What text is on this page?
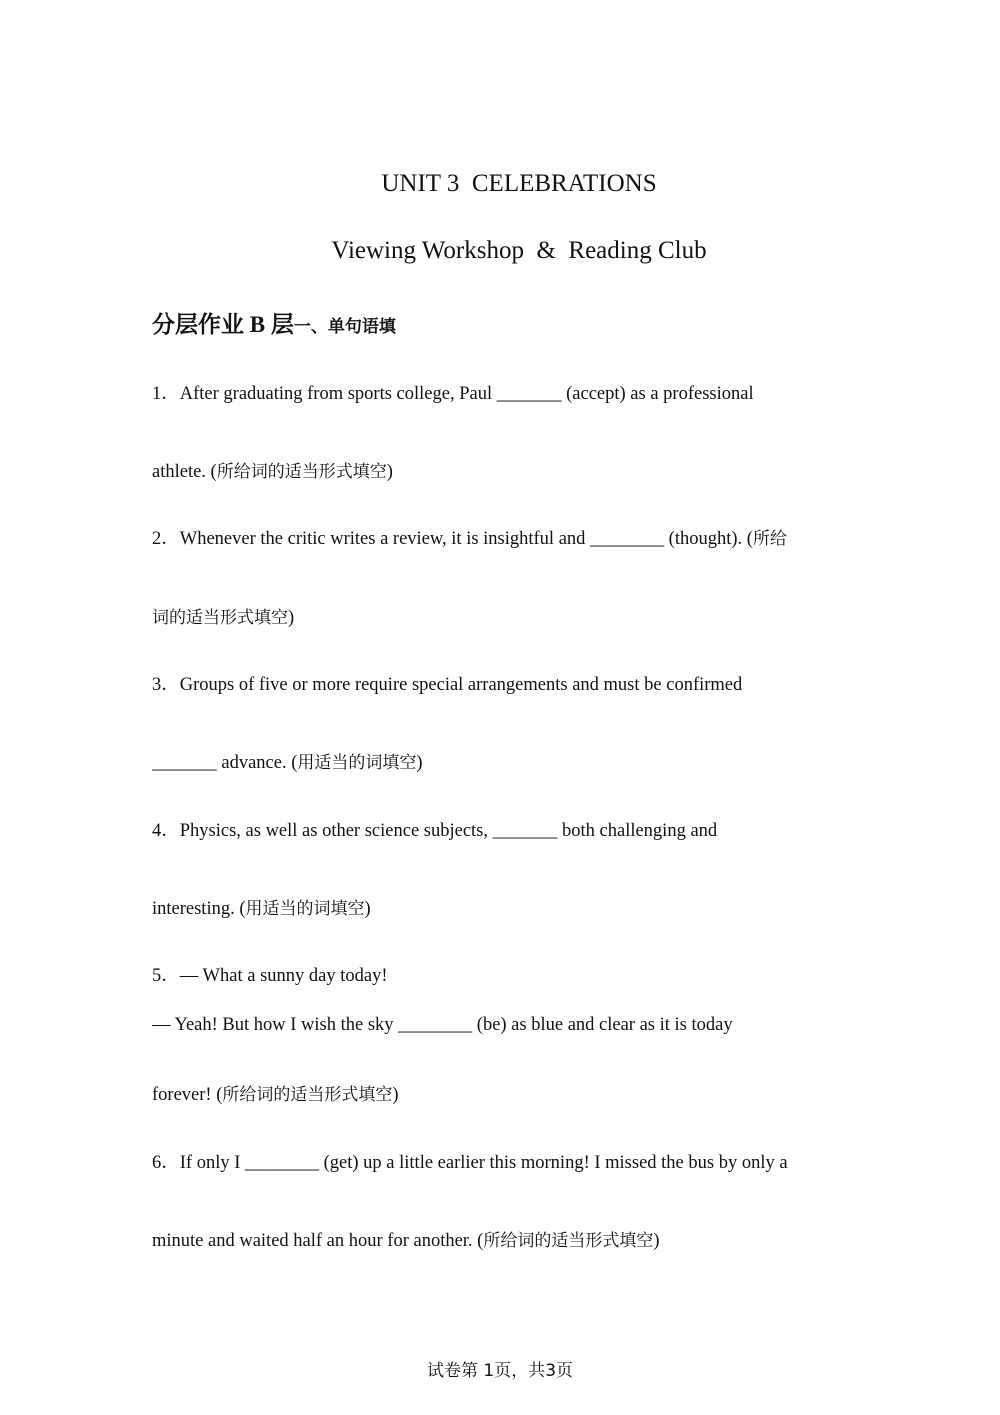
UNIT 3  CELEBRATIONS
Viewing Workshop  &  Reading Club
分层作业 B 层一、单句语填
1．After graduating from sports college, Paul _______ (accept) as a professional
athlete. (所给词的适当形式填空)
2．Whenever the critic writes a review, it is insightful and ________ (thought). (所给
词的适当形式填空)
3．Groups of five or more require special arrangements and must be confirmed
_______ advance. (用适当的词填空)
4．Physics, as well as other science subjects, _______ both challenging and
interesting. (用适当的词填空)
5．— What a sunny day today!
— Yeah! But how I wish the sky ________ (be) as blue and clear as it is today
forever! (所给词的适当形式填空)
6．If only I ________ (get) up a little earlier this morning! I missed the bus by only a
minute and waited half an hour for another. (所给词的适当形式填空)
试卷第 1页，共3页
